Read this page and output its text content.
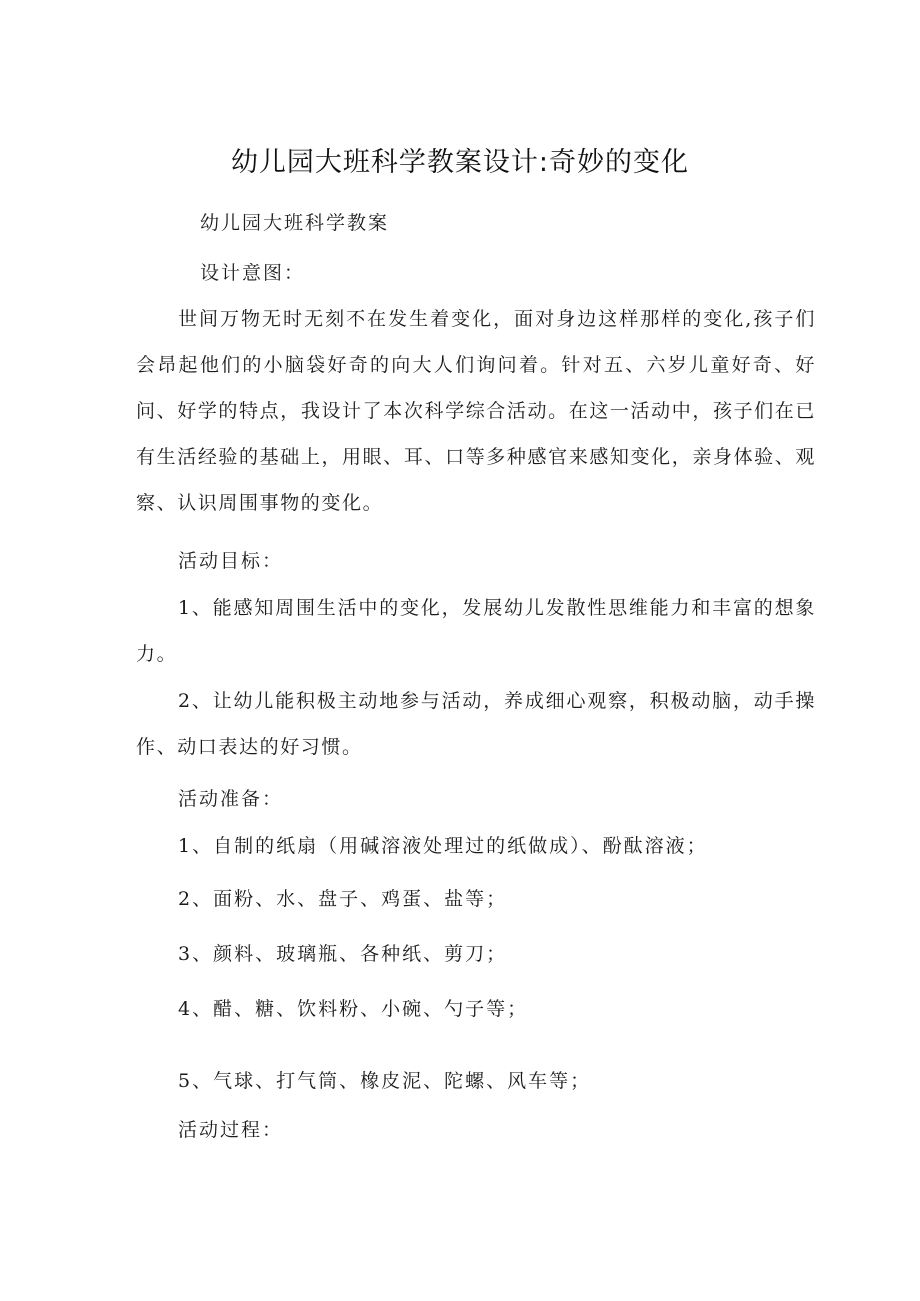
幼儿园大班科学教案设计:奇妙的变化
幼儿园大班科学教案
设计意图：
世间万物无时无刻不在发生着变化，面对身边这样那样的变化,孩子们会昂起他们的小脑袋好奇的向大人们询问着。针对五、六岁儿童好奇、好问、好学的特点，我设计了本次科学综合活动。在这一活动中，孩子们在已有生活经验的基础上，用眼、耳、口等多种感官来感知变化，亲身体验、观察、认识周围事物的变化。
活动目标：
1、能感知周围生活中的变化，发展幼儿发散性思维能力和丰富的想象力。
2、让幼儿能积极主动地参与活动，养成细心观察，积极动脑，动手操作、动口表达的好习惯。
活动准备：
1、自制的纸扇（用碱溶液处理过的纸做成）、酚酞溶液；
2、面粉、水、盘子、鸡蛋、盐等；
3、颜料、玻璃瓶、各种纸、剪刀；
4、醋、糖、饮料粉、小碗、勺子等；
5、气球、打气筒、橡皮泥、陀螺、风车等；
活动过程：
